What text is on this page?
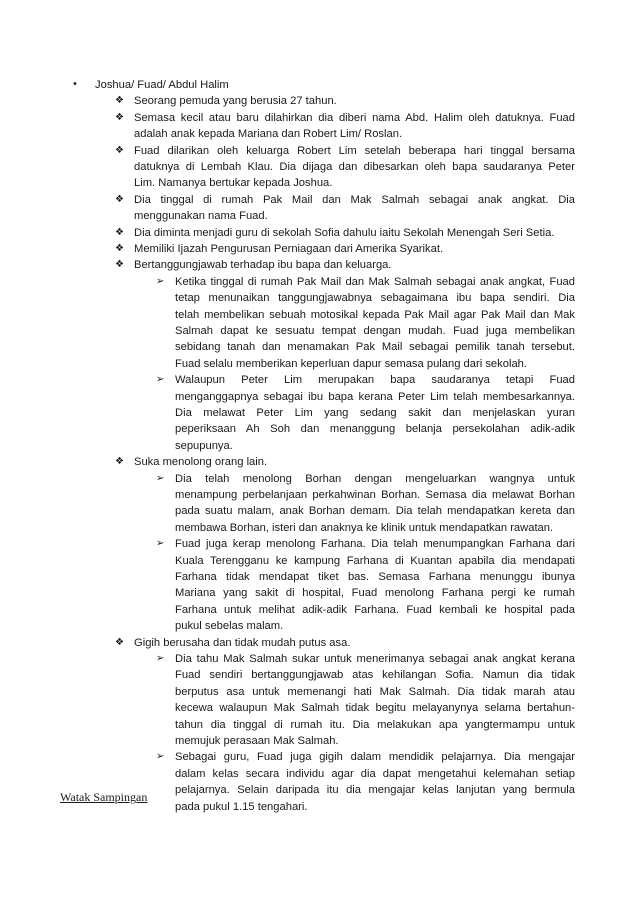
• Joshua/ Fuad/ Abdul Halim
❖ Seorang pemuda yang berusia 27 tahun.
❖ Semasa kecil atau baru dilahirkan dia diberi nama Abd. Halim oleh datuknya. Fuad
adalah anak kepada Mariana dan Robert Lim/ Roslan.
❖ Fuad dilarikan oleh keluarga Robert Lim setelah beberapa hari tinggal bersama
datuknya di Lembah Klau. Dia dijaga dan dibesarkan oleh bapa saudaranya Peter
Lim. Namanya bertukar kepada Joshua.
❖ Dia tinggal di rumah Pak Mail dan Mak Salmah sebagai anak angkat. Dia
menggunakan nama Fuad.
❖ Dia diminta menjadi guru di sekolah Sofia dahulu iaitu Sekolah Menengah Seri Setia.
❖ Memiliki Ijazah Pengurusan Perniagaan dari Amerika Syarikat.
❖ Bertanggungjawab terhadap ibu bapa dan keluarga.
➢ Ketika tinggal di rumah Pak Mail dan Mak Salmah sebagai anak angkat, Fuad
tetap menunaikan tanggungjawabnya sebagaimana ibu bapa sendiri. Dia
telah membelikan sebuah motosikal kepada Pak Mail agar Pak Mail dan Mak
Salmah dapat ke sesuatu tempat dengan mudah. Fuad juga membelikan
sebidang tanah dan menamakan Pak Mail sebagai pemilik tanah tersebut.
Fuad selalu memberikan keperluan dapur semasa pulang dari sekolah.
➢ Walaupun Peter Lim merupakan bapa saudaranya tetapi Fuad
menganggapnya sebagai ibu bapa kerana Peter Lim telah membesarkannya.
Dia melawat Peter Lim yang sedang sakit dan menjelaskan yuran
peperiksaan Ah Soh dan menanggung belanja persekolahan adik-adik
sepupunya.
❖ Suka menolong orang lain.
➢ Dia telah menolong Borhan dengan mengeluarkan wangnya untuk
menampung perbelanjaan perkahwinan Borhan. Semasa dia melawat Borhan
pada suatu malam, anak Borhan demam. Dia telah mendapatkan kereta dan
membawa Borhan, isteri dan anaknya ke klinik untuk mendapatkan rawatan.
➢ Fuad juga kerap menolong Farhana. Dia telah menumpangkan Farhana dari
Kuala Terengganu ke kampung Farhana di Kuantan apabila dia mendapati
Farhana tidak mendapat tiket bas. Semasa Farhana menunggu ibunya
Mariana yang sakit di hospital, Fuad menolong Farhana pergi ke rumah
Farhana untuk melihat adik-adik Farhana. Fuad kembali ke hospital pada
pukul sebelas malam.
❖ Gigih berusaha dan tidak mudah putus asa.
➢ Dia tahu Mak Salmah sukar untuk menerimanya sebagai anak angkat kerana
Fuad sendiri bertanggungjawab atas kehilangan Sofia. Namun dia tidak
berputus asa untuk memenangi hati Mak Salmah. Dia tidak marah atau
kecewa walaupun Mak Salmah tidak begitu melayanynya selama bertahun-
tahun dia tinggal di rumah itu. Dia melakukan apa yangtermampu untuk
memujuk perasaan Mak Salmah.
➢ Sebagai guru, Fuad juga gigih dalam mendidik pelajarnya. Dia mengajar
dalam kelas secara individu agar dia dapat mengetahui kelemahan setiap
pelajarnya. Selain daripada itu dia mengajar kelas lanjutan yang bermula
pada pukul 1.15 tengahari.
Watak Sampingan
